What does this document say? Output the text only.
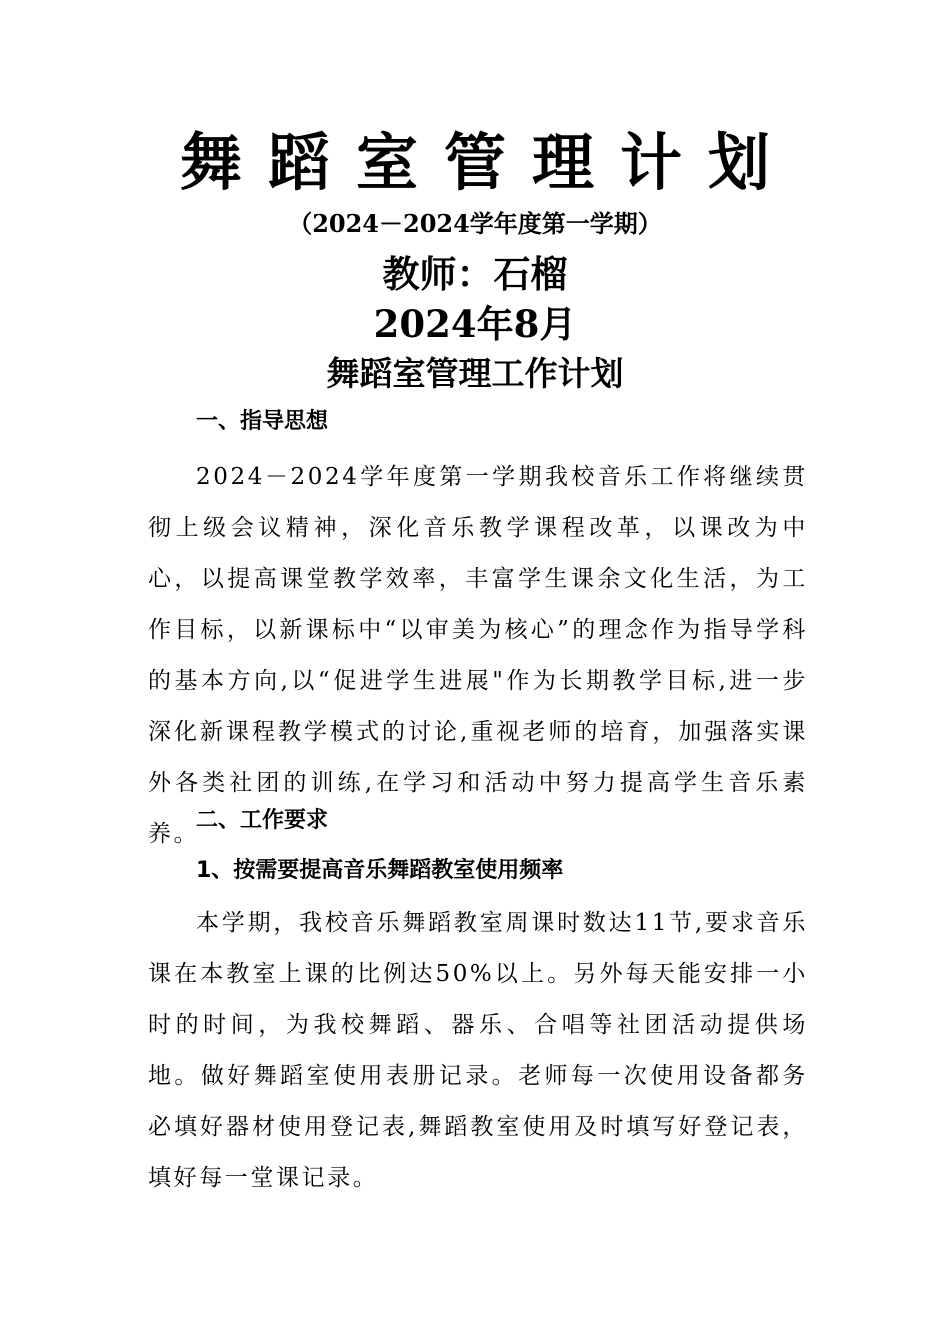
舞蹈室管理计划
（2024－2024学年度第一学期）
教师：石榴
2024年8月
舞蹈室管理工作计划
一、指导思想
2024－2024学年度第一学期我校音乐工作将继续贯彻上级会议精神，深化音乐教学课程改革，以课改为中心，以提高课堂教学效率，丰富学生课余文化生活，为工作目标，以新课标中“以审美为核心”的理念作为指导学科的基本方向,以“促进学生进展"作为长期教学目标,进一步深化新课程教学模式的讨论,重视老师的培育，加强落实课外各类社团的训练,在学习和活动中努力提高学生音乐素养。
二、工作要求
1、按需要提高音乐舞蹈教室使用频率
本学期，我校音乐舞蹈教室周课时数达11节,要求音乐课在本教室上课的比例达50%以上。另外每天能安排一小时的时间，为我校舞蹈、器乐、合唱等社团活动提供场地。做好舞蹈室使用表册记录。老师每一次使用设备都务必填好器材使用登记表,舞蹈教室使用及时填写好登记表，填好每一堂课记录。
